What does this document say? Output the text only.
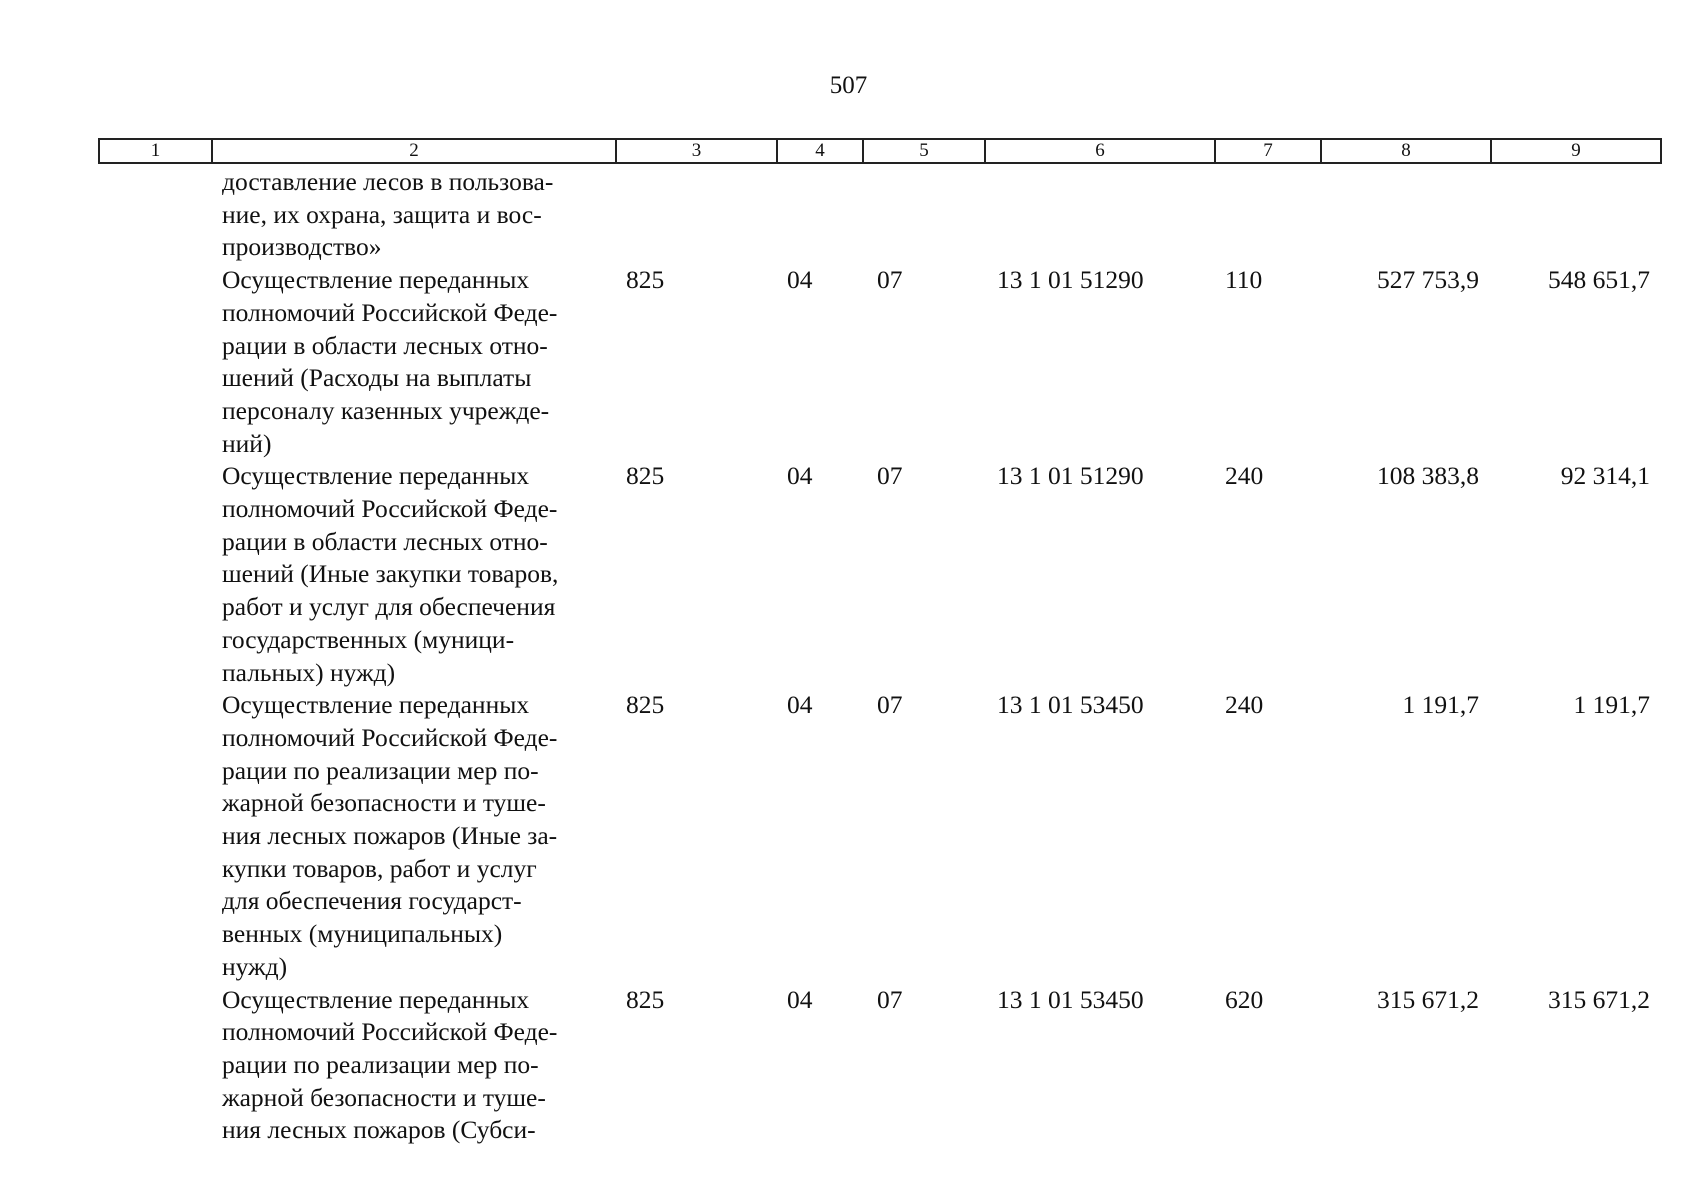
507
1	2	3	4	5	6	7	8	9
доставление лесов в пользова-
ние, их охрана, защита и вос-
производство»
Осуществление переданных
полномочий Российской Феде-
рации в области лесных отно-
шений (Расходы на выплаты
персоналу казенных учрежде-
ний)
825	04	07	13 1 01 51290	110	527 753,9	548 651,7
Осуществление переданных
полномочий Российской Феде-
рации в области лесных отно-
шений (Иные закупки товаров,
работ и услуг для обеспечения
государственных (муници-
пальных) нужд)
825	04	07	13 1 01 51290	240	108 383,8	92 314,1
Осуществление переданных
полномочий Российской Феде-
рации по реализации мер по-
жарной безопасности и туше-
ния лесных пожаров (Иные за-
купки товаров, работ и услуг
для обеспечения государст-
венных (муниципальных)
нужд)
825	04	07	13 1 01 53450	240	1 191,7	1 191,7
Осуществление переданных
полномочий Российской Феде-
рации по реализации мер по-
жарной безопасности и туше-
ния лесных пожаров (Субси-
825	04	07	13 1 01 53450	620	315 671,2	315 671,2
